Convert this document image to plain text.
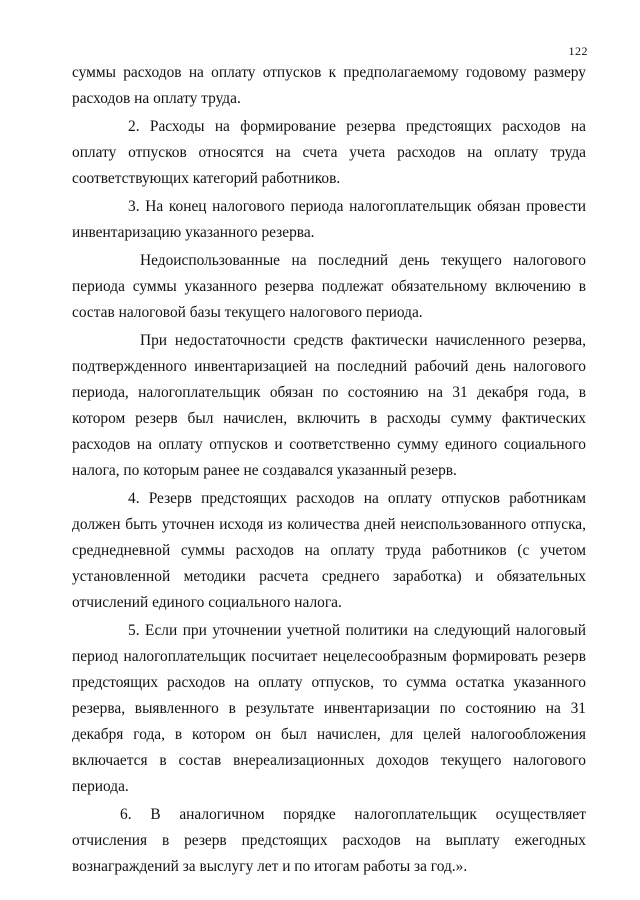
122

суммы расходов на оплату отпусков к предполагаемому годовому размеру расходов на оплату труда.

2. Расходы на формирование резерва предстоящих расходов на оплату отпусков относятся на счета учета расходов на оплату труда соответствующих категорий работников.

3. На конец налогового периода налогоплательщик обязан провести инвентаризацию указанного резерва.

Недоиспользованные на последний день текущего налогового периода суммы указанного резерва подлежат обязательному включению в состав налоговой базы текущего налогового периода.

При недостаточности средств фактически начисленного резерва, подтвержденного инвентаризацией на последний рабочий день налогового периода, налогоплательщик обязан по состоянию на 31 декабря года, в котором резерв был начислен, включить в расходы сумму фактических расходов на оплату отпусков и соответственно сумму единого социального налога, по которым ранее не создавался указанный резерв.

4. Резерв предстоящих расходов на оплату отпусков работникам должен быть уточнен исходя из количества дней неиспользованного отпуска, среднедневной суммы расходов на оплату труда работников (с учетом установленной методики расчета среднего заработка) и обязательных отчислений единого социального налога.

5. Если при уточнении учетной политики на следующий налоговый период налогоплательщик посчитает нецелесообразным формировать резерв предстоящих расходов на оплату отпусков, то сумма остатка указанного резерва, выявленного в результате инвентаризации по состоянию на 31 декабря года, в котором он был начислен, для целей налогообложения включается в состав внереализационных доходов текущего налогового периода.

6. В аналогичном порядке налогоплательщик осуществляет отчисления в резерв предстоящих расходов на выплату ежегодных вознаграждений за выслугу лет и по итогам работы за год.».
